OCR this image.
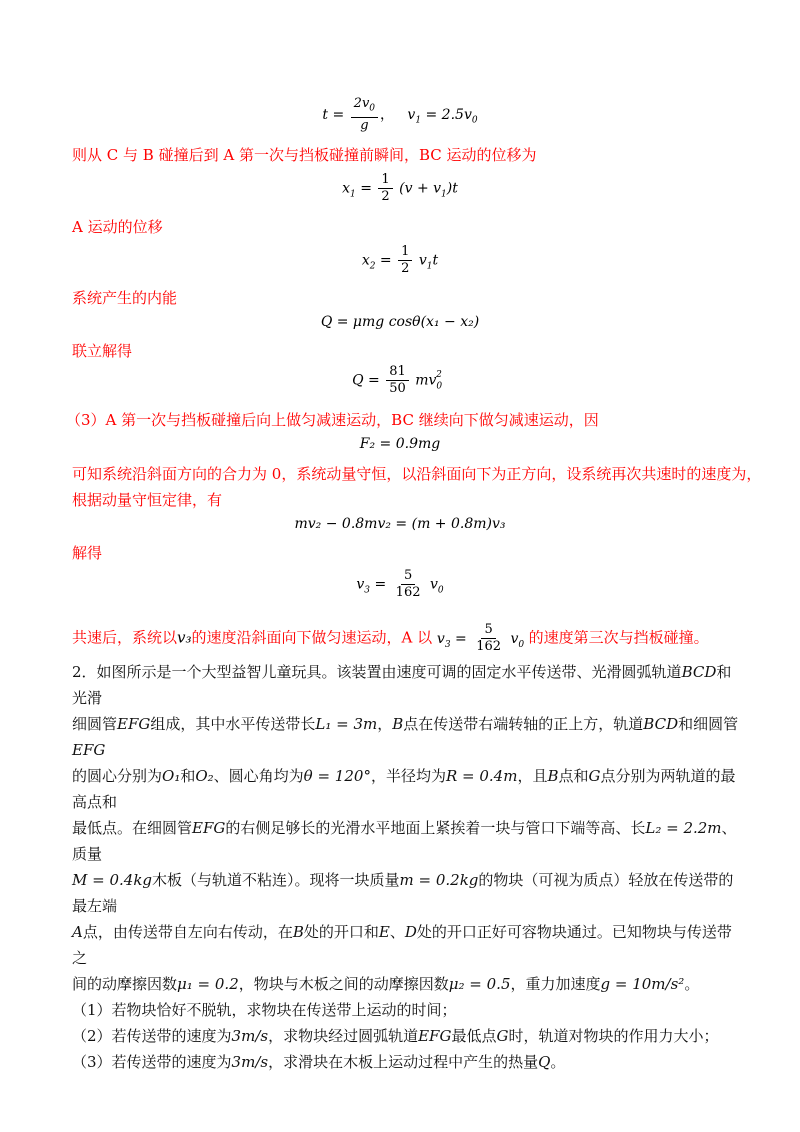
$t = \frac{2v_0}{g}$ ， $v_1 = 2.5v_0$
则从 C 与 B 碰撞后到 A 第一次与挡板碰撞前瞬间，BC 运动的位移为
$x_1 = \frac{1}{2} (v + v_1)t$
A 运动的位移
$x_2 = \frac{1}{2} v_1t$
系统产生的内能
Q = μmg cosθ(x₁ − x₂)
联立解得
$Q = \frac{81}{50} mv_0^2$
（3）A 第一次与挡板碰撞后向上做匀减速运动，BC 继续向下做匀减速运动，因
F₂ = 0.9mg
可知系统沿斜面方向的合力为 0，系统动量守恒，以沿斜面向下为正方向，设系统再次共速时的速度为，
根据动量守恒定律，有
mv₂ − 0.8mv₂ = (m + 0.8m)v₃
解得
$v_3 = \frac{5}{162} v_0$
共速后，系统以v₃的速度沿斜面向下做匀速运动，A 以 $v_3 = \frac{5}{162} v_0$ 的速度第三次与挡板碰撞。
2．如图所示是一个大型益智儿童玩具。该装置由速度可调的固定水平传送带、光滑圆弧轨道BCD和光滑
细圆管EFG组成，其中水平传送带长L₁ = 3m，B点在传送带右端转轴的正上方，轨道BCD和细圆管EFG
的圆心分别为O₁和O₂、圆心角均为θ = 120°，半径均为R = 0.4m，且B点和G点分别为两轨道的最高点和
最低点。在细圆管EFG的右侧足够长的光滑水平地面上紧挨着一块与管口下端等高、长L₂ = 2.2m、质量
M = 0.4kg木板（与轨道不粘连）。现将一块质量m = 0.2kg的物块（可视为质点）轻放在传送带的最左端
A点，由传送带自左向右传动，在B处的开口和E、D处的开口正好可容物块通过。已知物块与传送带之
间的动摩擦因数μ₁ = 0.2，物块与木板之间的动摩擦因数μ₂ = 0.5，重力加速度g = 10m/s²。
（1）若物块恰好不脱轨，求物块在传送带上运动的时间；
（2）若传送带的速度为3m/s，求物块经过圆弧轨道EFG最低点G时，轨道对物块的作用力大小；
（3）若传送带的速度为3m/s，求滑块在木板上运动过程中产生的热量Q。
